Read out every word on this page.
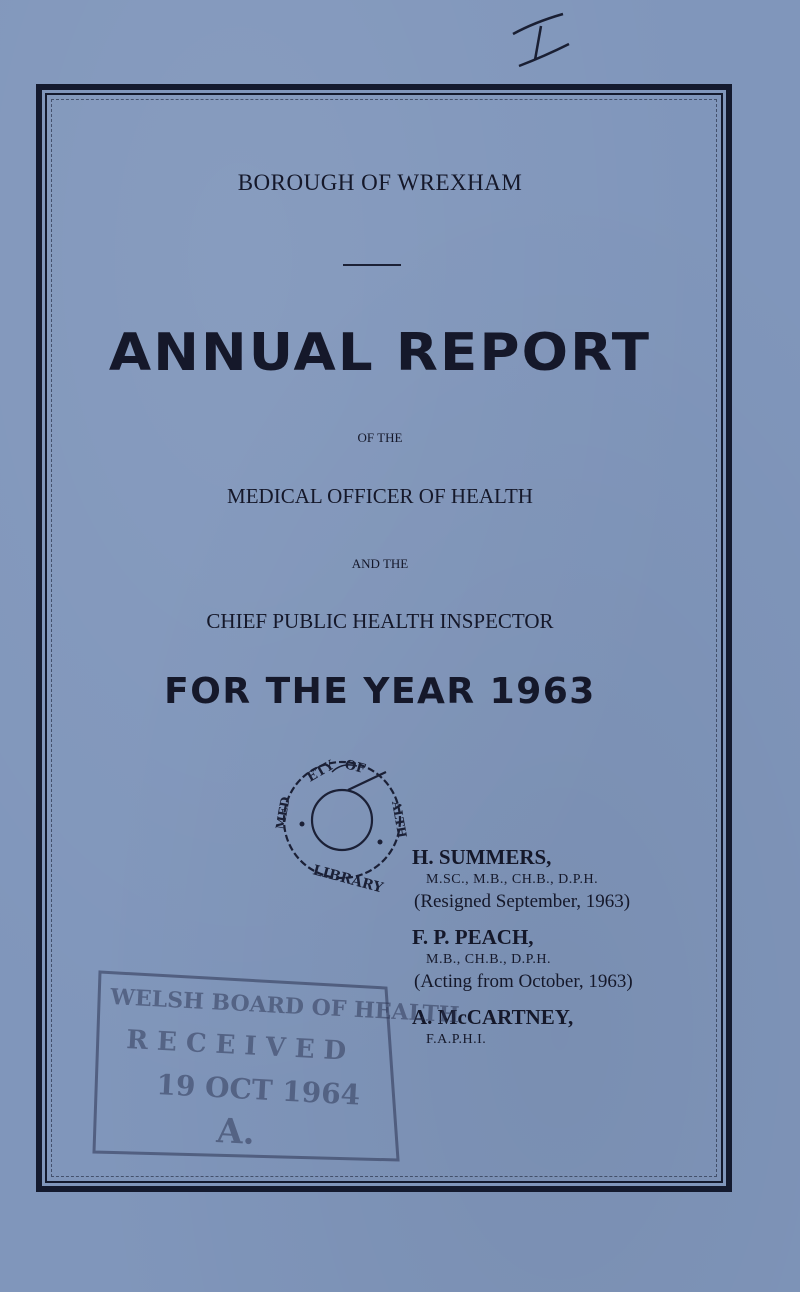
BOROUGH OF WREXHAM
ANNUAL REPORT
OF THE
MEDICAL OFFICER OF HEALTH
AND THE
CHIEF PUBLIC HEALTH INSPECTOR
FOR THE YEAR 1963
ETY OF
MED	ALTH
LIBRARY
H. SUMMERS,
M.SC., M.B., CH.B., D.P.H.
(Resigned September, 1963)
F. P. PEACH,
M.B., CH.B., D.P.H.
(Acting from October, 1963)
A. McCARTNEY,
F.A.P.H.I.
WELSH BOARD OF HEALTH
R E C E I V E D
19 OCT 1964
A.
